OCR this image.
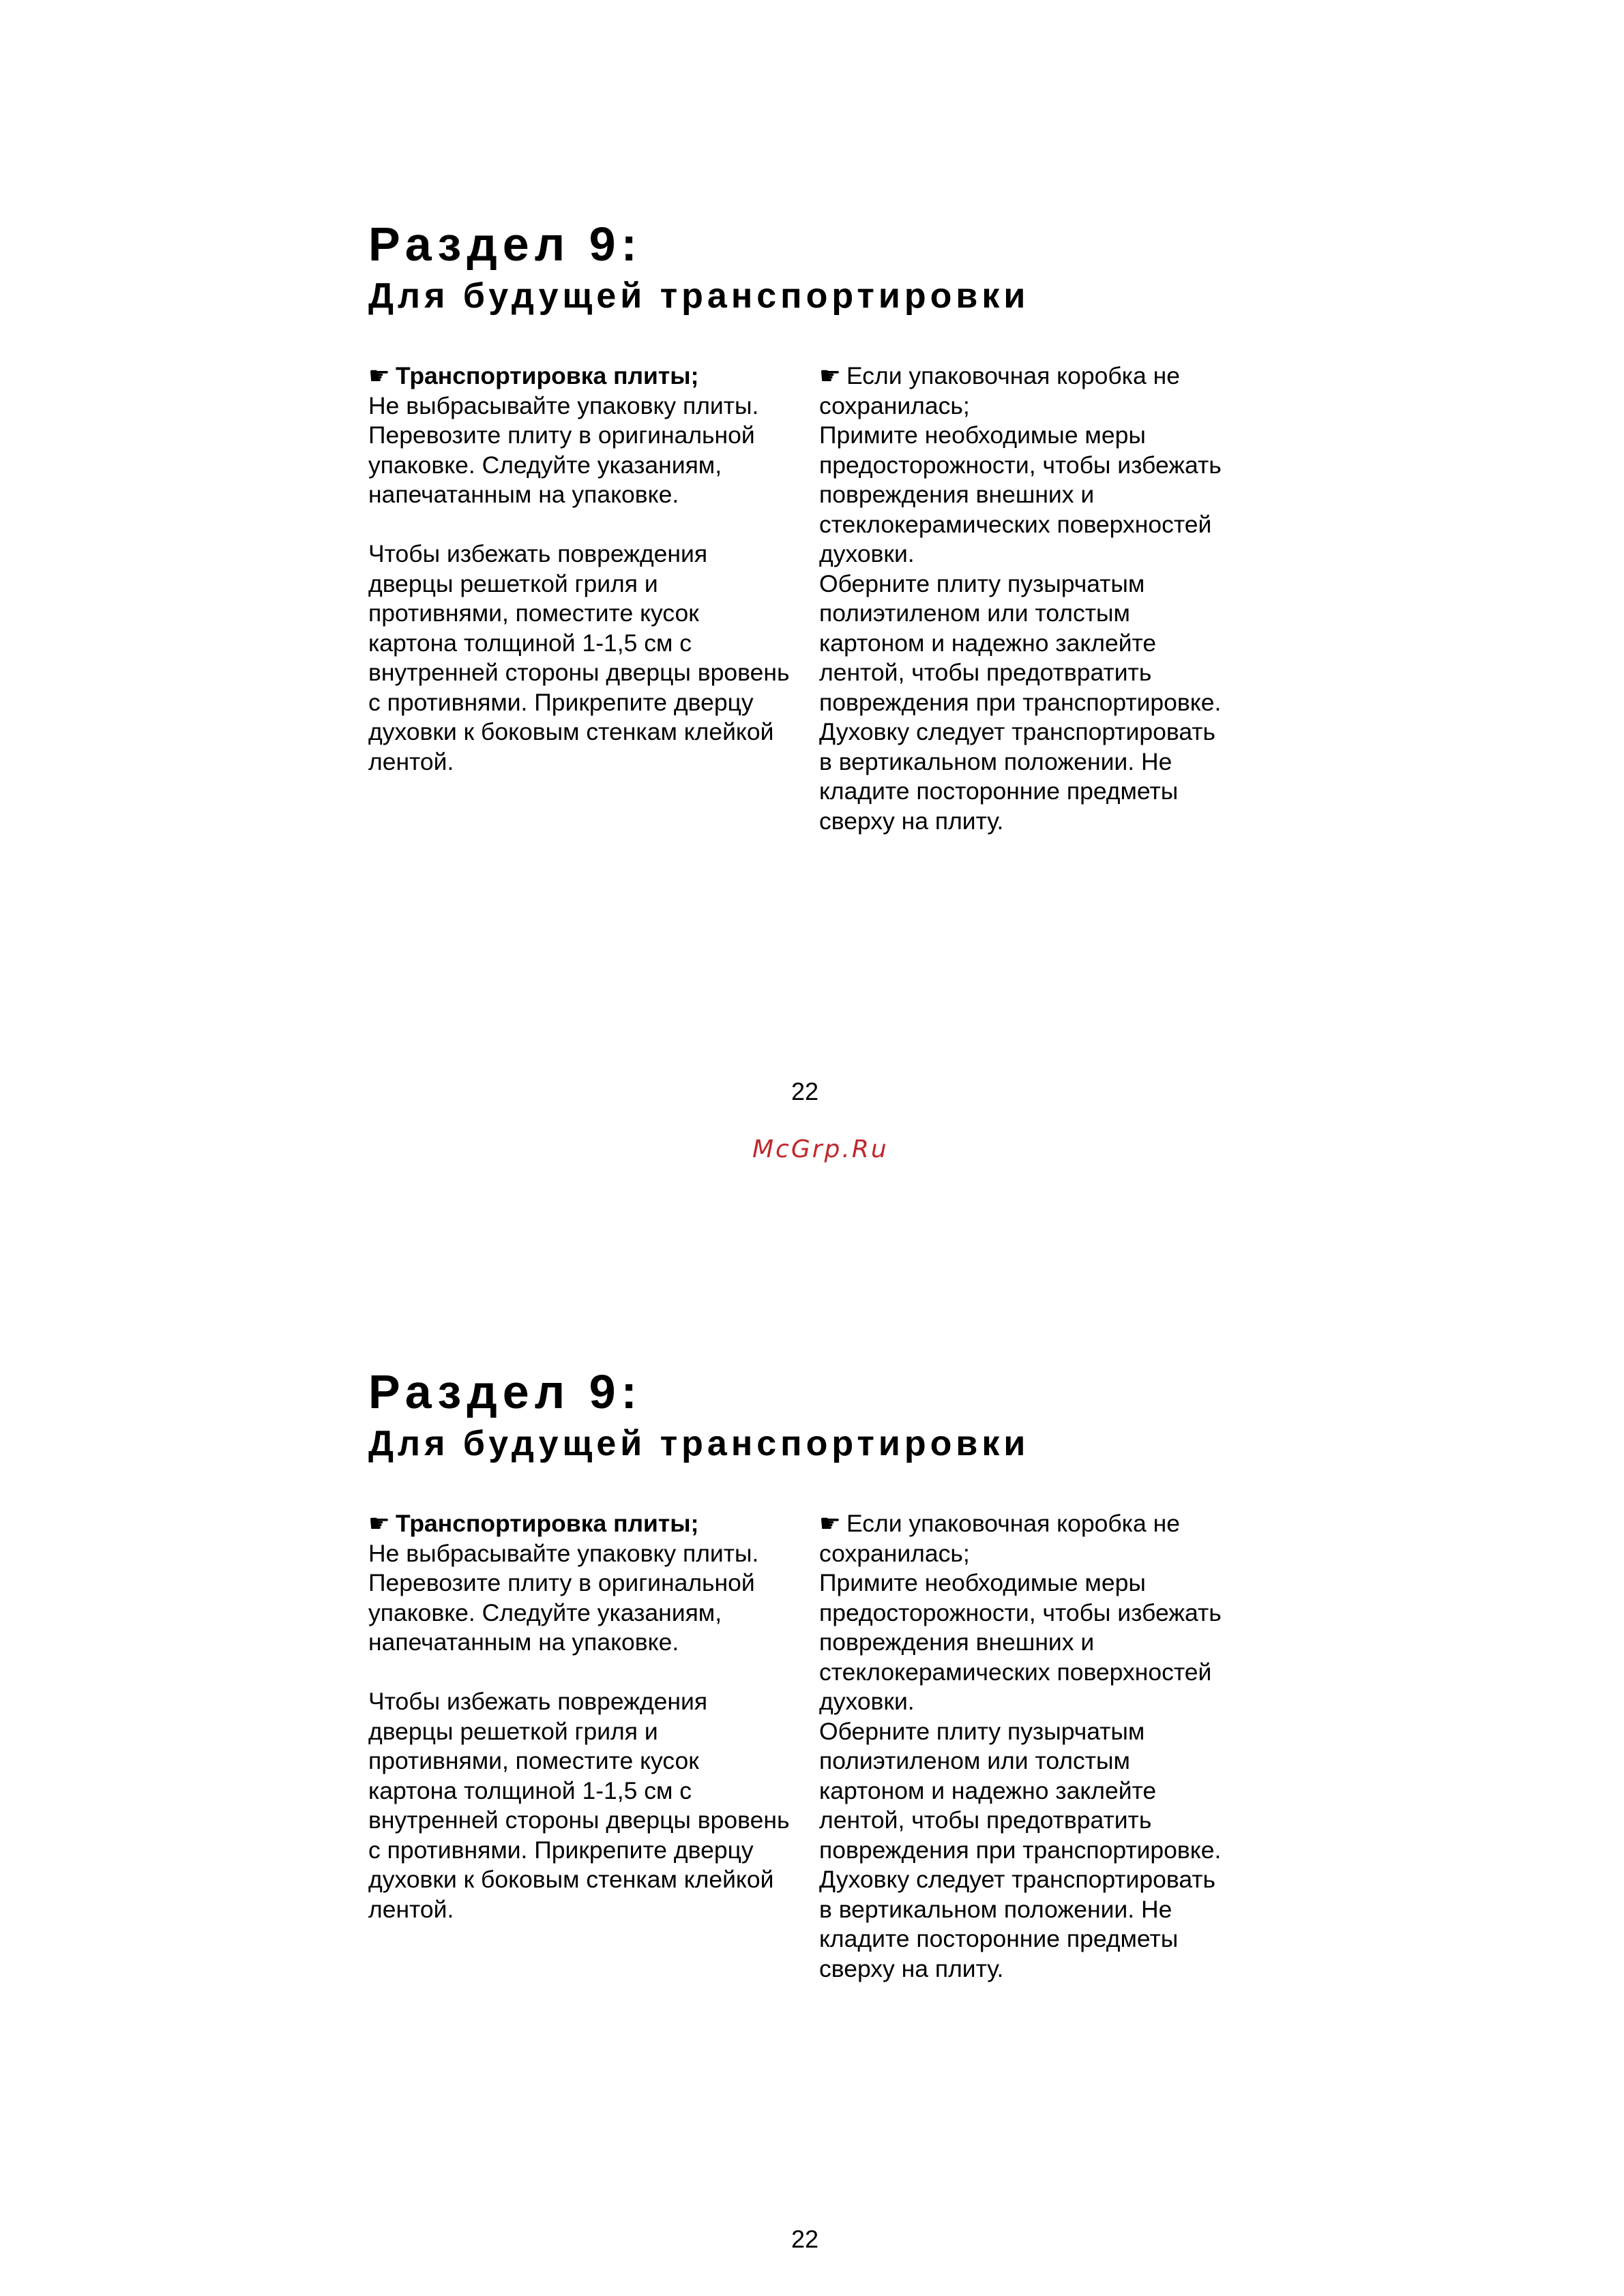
McGrp.Ru
Раздел 9:
Для будущей транспортировки

☛ Транспортировка плиты;

Не выбрасывайте упаковку плиты.

Перевозите плиту в оригинальной

упаковке. Следуйте указаниям,

напечатанным на упаковке.

Чтобы избежать повреждения

дверцы решеткой гриля и

противнями, поместите кусок

картона толщиной 1-1,5 см с

внутренней стороны дверцы вровень

с противнями. Прикрепите дверцу

духовки к боковым стенкам клейкой

лентой.

☛ Если упаковочная коробка не

сохранилась;

Примите необходимые меры

предосторожности, чтобы избежать

повреждения внешних и

стеклокерамических поверхностей

духовки.

Оберните плиту пузырчатым

полиэтиленом или толстым

картоном и надежно заклейте

лентой, чтобы предотвратить

повреждения при транспортировке.

Духовку следует транспортировать

в вертикальном положении. Не

кладите посторонние предметы

сверху на плиту.

22
Раздел 9:
Для будущей транспортировки

☛ Транспортировка плиты;

Не выбрасывайте упаковку плиты.

Перевозите плиту в оригинальной

упаковке. Следуйте указаниям,

напечатанным на упаковке.

Чтобы избежать повреждения

дверцы решеткой гриля и

противнями, поместите кусок

картона толщиной 1-1,5 см с

внутренней стороны дверцы вровень

с противнями. Прикрепите дверцу

духовки к боковым стенкам клейкой

лентой.

☛ Если упаковочная коробка не

сохранилась;

Примите необходимые меры

предосторожности, чтобы избежать

повреждения внешних и

стеклокерамических поверхностей

духовки.

Оберните плиту пузырчатым

полиэтиленом или толстым

картоном и надежно заклейте

лентой, чтобы предотвратить

повреждения при транспортировке.

Духовку следует транспортировать

в вертикальном положении. Не

кладите посторонние предметы

сверху на плиту.

22
